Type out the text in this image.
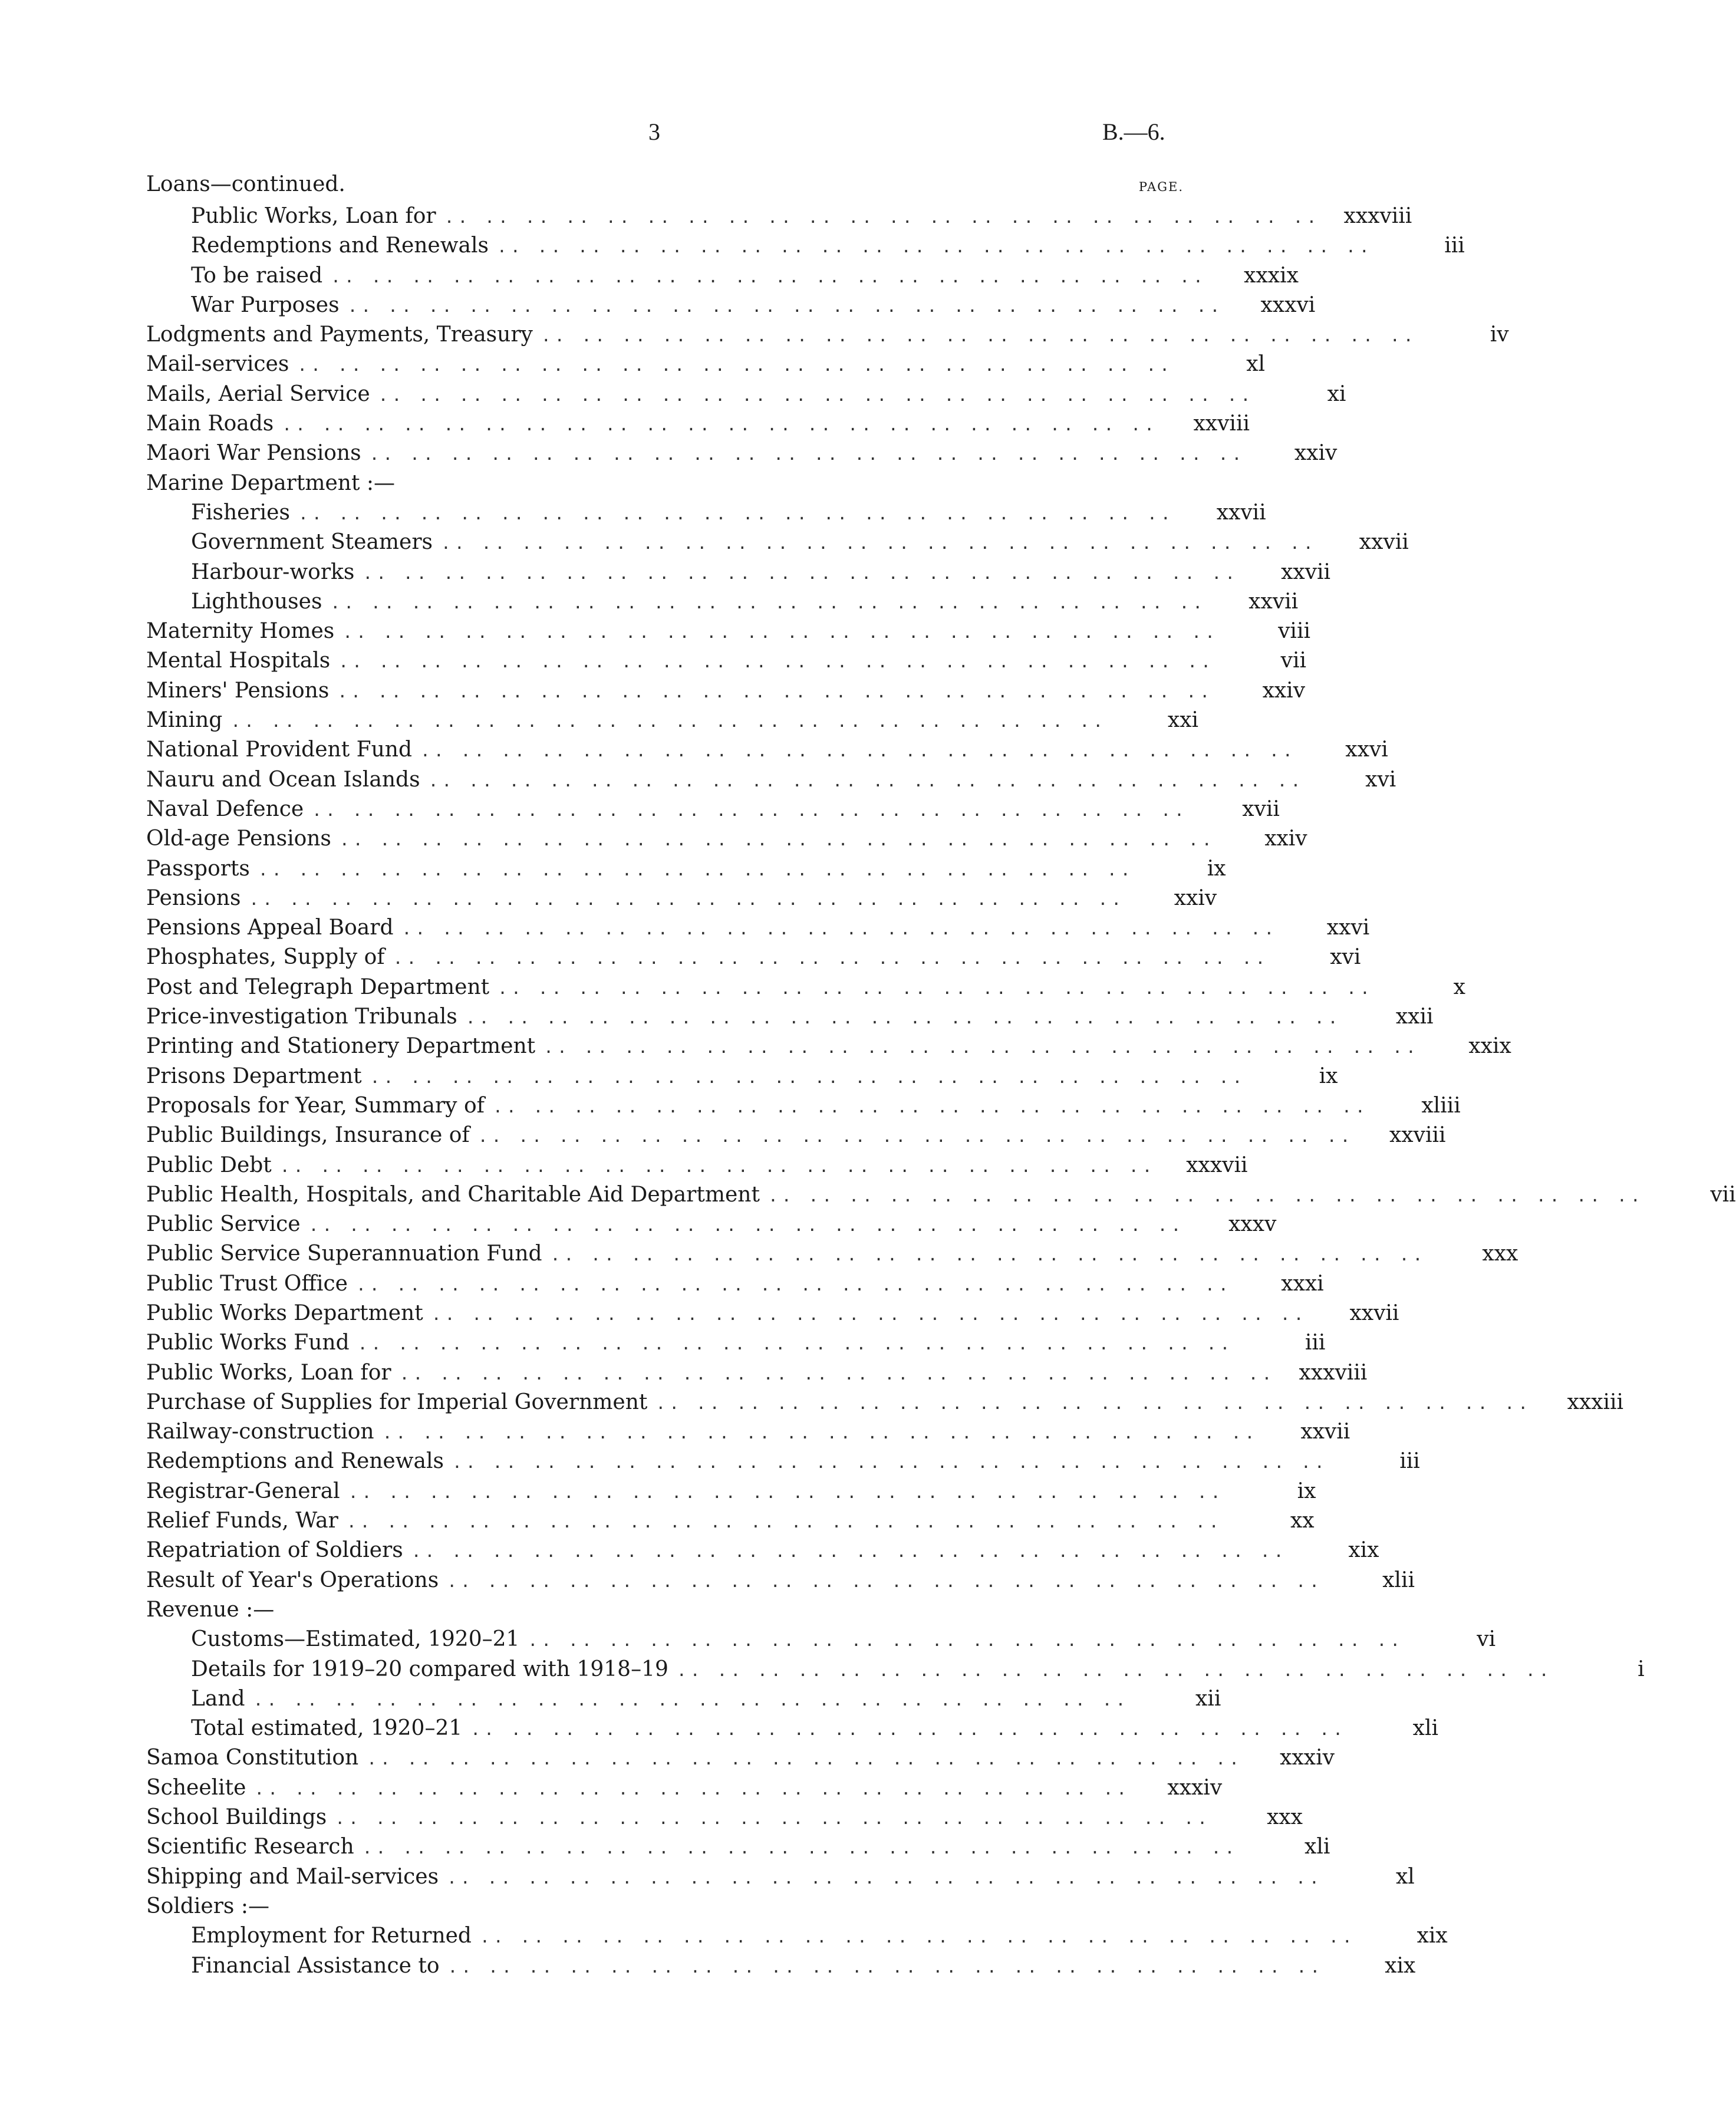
3	B.—6.
Loans—continued.	PAGE.
Public Works, Loan for .. .. .. .. .. .. .. .. .. .. .. .. .. .. .. .. .. .. .. .. .. ..	xxxviii
Redemptions and Renewals .. .. .. .. .. .. .. .. .. .. .. .. .. .. .. .. .. .. .. .. .. ..	iii
To be raised .. .. .. .. .. .. .. .. .. .. .. .. .. .. .. .. .. .. .. .. .. ..	xxxix
War Purposes .. .. .. .. .. .. .. .. .. .. .. .. .. .. .. .. .. .. .. .. .. ..	xxxvi
Lodgments and Payments, Treasury .. .. .. .. .. .. .. .. .. .. .. .. .. .. .. .. .. .. .. .. .. ..	iv
Mail-services .. .. .. .. .. .. .. .. .. .. .. .. .. .. .. .. .. .. .. .. .. ..	xl
Mails, Aerial Service .. .. .. .. .. .. .. .. .. .. .. .. .. .. .. .. .. .. .. .. .. ..	xi
Main Roads .. .. .. .. .. .. .. .. .. .. .. .. .. .. .. .. .. .. .. .. .. ..	xxviii
Maori War Pensions .. .. .. .. .. .. .. .. .. .. .. .. .. .. .. .. .. .. .. .. .. ..	xxiv
Marine Department :—
Fisheries .. .. .. .. .. .. .. .. .. .. .. .. .. .. .. .. .. .. .. .. .. ..	xxvii
Government Steamers .. .. .. .. .. .. .. .. .. .. .. .. .. .. .. .. .. .. .. .. .. ..	xxvii
Harbour-works .. .. .. .. .. .. .. .. .. .. .. .. .. .. .. .. .. .. .. .. .. ..	xxvii
Lighthouses .. .. .. .. .. .. .. .. .. .. .. .. .. .. .. .. .. .. .. .. .. ..	xxvii
Maternity Homes .. .. .. .. .. .. .. .. .. .. .. .. .. .. .. .. .. .. .. .. .. ..	viii
Mental Hospitals .. .. .. .. .. .. .. .. .. .. .. .. .. .. .. .. .. .. .. .. .. ..	vii
Miners' Pensions .. .. .. .. .. .. .. .. .. .. .. .. .. .. .. .. .. .. .. .. .. ..	xxiv
Mining .. .. .. .. .. .. .. .. .. .. .. .. .. .. .. .. .. .. .. .. .. ..	xxi
National Provident Fund .. .. .. .. .. .. .. .. .. .. .. .. .. .. .. .. .. .. .. .. .. ..	xxvi
Nauru and Ocean Islands .. .. .. .. .. .. .. .. .. .. .. .. .. .. .. .. .. .. .. .. .. ..	xvi
Naval Defence .. .. .. .. .. .. .. .. .. .. .. .. .. .. .. .. .. .. .. .. .. ..	xvii
Old-age Pensions .. .. .. .. .. .. .. .. .. .. .. .. .. .. .. .. .. .. .. .. .. ..	xxiv
Passports .. .. .. .. .. .. .. .. .. .. .. .. .. .. .. .. .. .. .. .. .. ..	ix
Pensions .. .. .. .. .. .. .. .. .. .. .. .. .. .. .. .. .. .. .. .. .. ..	xxiv
Pensions Appeal Board .. .. .. .. .. .. .. .. .. .. .. .. .. .. .. .. .. .. .. .. .. ..	xxvi
Phosphates, Supply of .. .. .. .. .. .. .. .. .. .. .. .. .. .. .. .. .. .. .. .. .. ..	xvi
Post and Telegraph Department .. .. .. .. .. .. .. .. .. .. .. .. .. .. .. .. .. .. .. .. .. ..	x
Price-investigation Tribunals .. .. .. .. .. .. .. .. .. .. .. .. .. .. .. .. .. .. .. .. .. ..	xxii
Printing and Stationery Department .. .. .. .. .. .. .. .. .. .. .. .. .. .. .. .. .. .. .. .. .. ..	xxix
Prisons Department .. .. .. .. .. .. .. .. .. .. .. .. .. .. .. .. .. .. .. .. .. ..	ix
Proposals for Year, Summary of .. .. .. .. .. .. .. .. .. .. .. .. .. .. .. .. .. .. .. .. .. ..	xliii
Public Buildings, Insurance of .. .. .. .. .. .. .. .. .. .. .. .. .. .. .. .. .. .. .. .. .. ..	xxviii
Public Debt .. .. .. .. .. .. .. .. .. .. .. .. .. .. .. .. .. .. .. .. .. ..	xxxvii
Public Health, Hospitals, and Charitable Aid Department .. .. .. .. .. .. .. .. .. .. .. .. .. .. .. .. .. .. .. .. .. ..	vii
Public Service .. .. .. .. .. .. .. .. .. .. .. .. .. .. .. .. .. .. .. .. .. ..	xxxv
Public Service Superannuation Fund .. .. .. .. .. .. .. .. .. .. .. .. .. .. .. .. .. .. .. .. .. ..	xxx
Public Trust Office .. .. .. .. .. .. .. .. .. .. .. .. .. .. .. .. .. .. .. .. .. ..	xxxi
Public Works Department .. .. .. .. .. .. .. .. .. .. .. .. .. .. .. .. .. .. .. .. .. ..	xxvii
Public Works Fund .. .. .. .. .. .. .. .. .. .. .. .. .. .. .. .. .. .. .. .. .. ..	iii
Public Works, Loan for .. .. .. .. .. .. .. .. .. .. .. .. .. .. .. .. .. .. .. .. .. ..	xxxviii
Purchase of Supplies for Imperial Government .. .. .. .. .. .. .. .. .. .. .. .. .. .. .. .. .. .. .. .. .. ..	xxxiii
Railway-construction .. .. .. .. .. .. .. .. .. .. .. .. .. .. .. .. .. .. .. .. .. ..	xxvii
Redemptions and Renewals .. .. .. .. .. .. .. .. .. .. .. .. .. .. .. .. .. .. .. .. .. ..	iii
Registrar-General .. .. .. .. .. .. .. .. .. .. .. .. .. .. .. .. .. .. .. .. .. ..	ix
Relief Funds, War .. .. .. .. .. .. .. .. .. .. .. .. .. .. .. .. .. .. .. .. .. ..	xx
Repatriation of Soldiers .. .. .. .. .. .. .. .. .. .. .. .. .. .. .. .. .. .. .. .. .. ..	xix
Result of Year's Operations .. .. .. .. .. .. .. .. .. .. .. .. .. .. .. .. .. .. .. .. .. ..	xlii
Revenue :—
Customs—Estimated, 1920–21 .. .. .. .. .. .. .. .. .. .. .. .. .. .. .. .. .. .. .. .. .. ..	vi
Details for 1919–20 compared with 1918–19 .. .. .. .. .. .. .. .. .. .. .. .. .. .. .. .. .. .. .. .. .. ..	i
Land .. .. .. .. .. .. .. .. .. .. .. .. .. .. .. .. .. .. .. .. .. ..	xii
Total estimated, 1920–21 .. .. .. .. .. .. .. .. .. .. .. .. .. .. .. .. .. .. .. .. .. ..	xli
Samoa Constitution .. .. .. .. .. .. .. .. .. .. .. .. .. .. .. .. .. .. .. .. .. ..	xxxiv
Scheelite .. .. .. .. .. .. .. .. .. .. .. .. .. .. .. .. .. .. .. .. .. ..	xxxiv
School Buildings .. .. .. .. .. .. .. .. .. .. .. .. .. .. .. .. .. .. .. .. .. ..	xxx
Scientific Research .. .. .. .. .. .. .. .. .. .. .. .. .. .. .. .. .. .. .. .. .. ..	xli
Shipping and Mail-services .. .. .. .. .. .. .. .. .. .. .. .. .. .. .. .. .. .. .. .. .. ..	xl
Soldiers :—
Employment for Returned .. .. .. .. .. .. .. .. .. .. .. .. .. .. .. .. .. .. .. .. .. ..	xix
Financial Assistance to .. .. .. .. .. .. .. .. .. .. .. .. .. .. .. .. .. .. .. .. .. ..	xix
